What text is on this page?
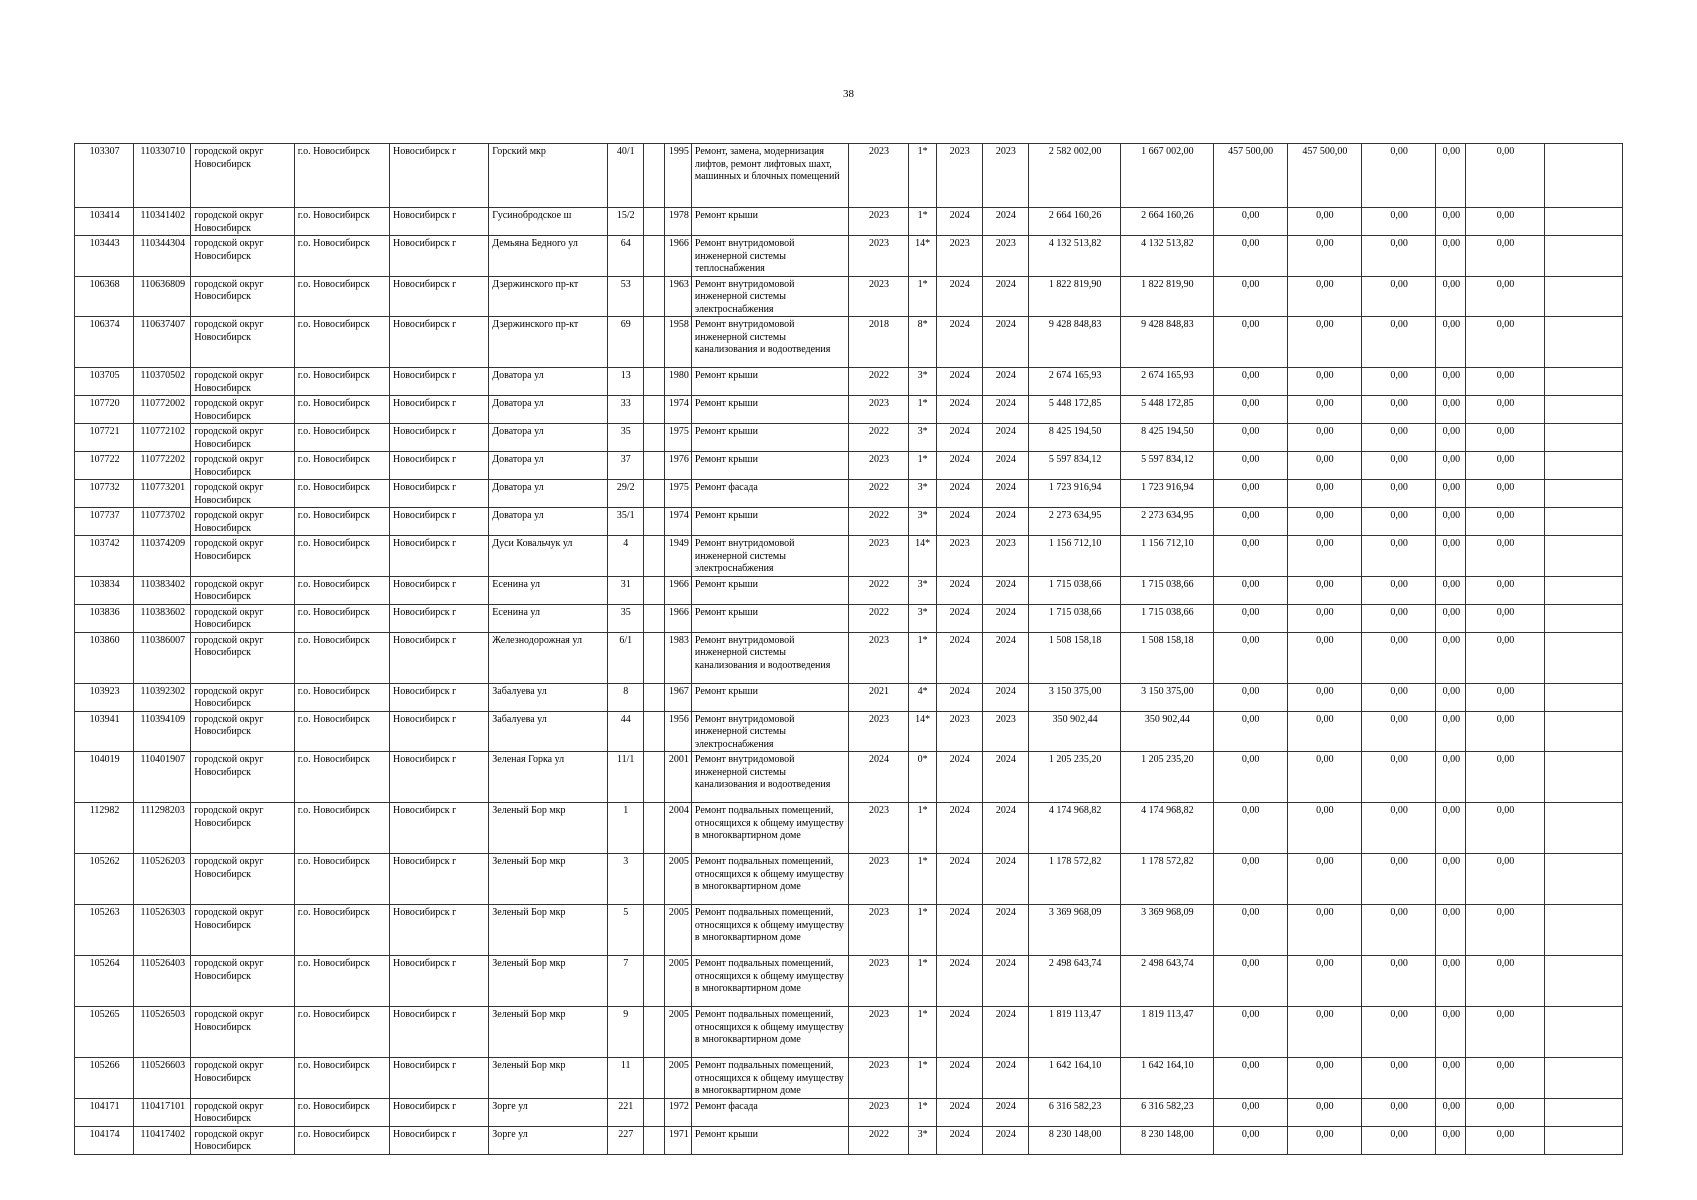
38
103307	110330710	городской округ Новосибирск	г.о. Новосибирск	Новосибирск г	Горский мкр	40/1		1995	Ремонт, замена, модернизация лифтов, ремонт лифтовых шахт, машинных и блочных помещений	2023	1*	2023	2023	2 582 002,00	1 667 002,00	457 500,00	457 500,00	0,00	0,00	0,00	
103414	110341402	городской округ Новосибирск	г.о. Новосибирск	Новосибирск г	Гусинобродское ш	15/2		1978	Ремонт крыши	2023	1*	2024	2024	2 664 160,26	2 664 160,26	0,00	0,00	0,00	0,00	0,00	
103443	110344304	городской округ Новосибирск	г.о. Новосибирск	Новосибирск г	Демьяна Бедного ул	64		1966	Ремонт внутридомовой инженерной системы теплоснабжения	2023	14*	2023	2023	4 132 513,82	4 132 513,82	0,00	0,00	0,00	0,00	0,00	
106368	110636809	городской округ Новосибирск	г.о. Новосибирск	Новосибирск г	Дзержинского пр-кт	53		1963	Ремонт внутридомовой инженерной системы электроснабжения	2023	1*	2024	2024	1 822 819,90	1 822 819,90	0,00	0,00	0,00	0,00	0,00	
106374	110637407	городской округ Новосибирск	г.о. Новосибирск	Новосибирск г	Дзержинского пр-кт	69		1958	Ремонт внутридомовой инженерной системы канализования и водоотведения	2018	8*	2024	2024	9 428 848,83	9 428 848,83	0,00	0,00	0,00	0,00	0,00	
103705	110370502	городской округ Новосибирск	г.о. Новосибирск	Новосибирск г	Доватора ул	13		1980	Ремонт крыши	2022	3*	2024	2024	2 674 165,93	2 674 165,93	0,00	0,00	0,00	0,00	0,00	
107720	110772002	городской округ Новосибирск	г.о. Новосибирск	Новосибирск г	Доватора ул	33		1974	Ремонт крыши	2023	1*	2024	2024	5 448 172,85	5 448 172,85	0,00	0,00	0,00	0,00	0,00	
107721	110772102	городской округ Новосибирск	г.о. Новосибирск	Новосибирск г	Доватора ул	35		1975	Ремонт крыши	2022	3*	2024	2024	8 425 194,50	8 425 194,50	0,00	0,00	0,00	0,00	0,00	
107722	110772202	городской округ Новосибирск	г.о. Новосибирск	Новосибирск г	Доватора ул	37		1976	Ремонт крыши	2023	1*	2024	2024	5 597 834,12	5 597 834,12	0,00	0,00	0,00	0,00	0,00	
107732	110773201	городской округ Новосибирск	г.о. Новосибирск	Новосибирск г	Доватора ул	29/2		1975	Ремонт фасада	2022	3*	2024	2024	1 723 916,94	1 723 916,94	0,00	0,00	0,00	0,00	0,00	
107737	110773702	городской округ Новосибирск	г.о. Новосибирск	Новосибирск г	Доватора ул	35/1		1974	Ремонт крыши	2022	3*	2024	2024	2 273 634,95	2 273 634,95	0,00	0,00	0,00	0,00	0,00	
103742	110374209	городской округ Новосибирск	г.о. Новосибирск	Новосибирск г	Дуси Ковальчук ул	4		1949	Ремонт внутридомовой инженерной системы электроснабжения	2023	14*	2023	2023	1 156 712,10	1 156 712,10	0,00	0,00	0,00	0,00	0,00	
103834	110383402	городской округ Новосибирск	г.о. Новосибирск	Новосибирск г	Есенина ул	31		1966	Ремонт крыши	2022	3*	2024	2024	1 715 038,66	1 715 038,66	0,00	0,00	0,00	0,00	0,00	
103836	110383602	городской округ Новосибирск	г.о. Новосибирск	Новосибирск г	Есенина ул	35		1966	Ремонт крыши	2022	3*	2024	2024	1 715 038,66	1 715 038,66	0,00	0,00	0,00	0,00	0,00	
103860	110386007	городской округ Новосибирск	г.о. Новосибирск	Новосибирск г	Железнодорожная ул	6/1		1983	Ремонт внутридомовой инженерной системы канализования и водоотведения	2023	1*	2024	2024	1 508 158,18	1 508 158,18	0,00	0,00	0,00	0,00	0,00	
103923	110392302	городской округ Новосибирск	г.о. Новосибирск	Новосибирск г	Забалуева ул	8		1967	Ремонт крыши	2021	4*	2024	2024	3 150 375,00	3 150 375,00	0,00	0,00	0,00	0,00	0,00	
103941	110394109	городской округ Новосибирск	г.о. Новосибирск	Новосибирск г	Забалуева ул	44		1956	Ремонт внутридомовой инженерной системы электроснабжения	2023	14*	2023	2023	350 902,44	350 902,44	0,00	0,00	0,00	0,00	0,00	
104019	110401907	городской округ Новосибирск	г.о. Новосибирск	Новосибирск г	Зеленая Горка ул	11/1		2001	Ремонт внутридомовой инженерной системы канализования и водоотведения	2024	0*	2024	2024	1 205 235,20	1 205 235,20	0,00	0,00	0,00	0,00	0,00	
112982	111298203	городской округ Новосибирск	г.о. Новосибирск	Новосибирск г	Зеленый Бор мкр	1		2004	Ремонт подвальных помещений, относящихся к общему имуществу в многоквартирном доме	2023	1*	2024	2024	4 174 968,82	4 174 968,82	0,00	0,00	0,00	0,00	0,00	
105262	110526203	городской округ Новосибирск	г.о. Новосибирск	Новосибирск г	Зеленый Бор мкр	3		2005	Ремонт подвальных помещений, относящихся к общему имуществу в многоквартирном доме	2023	1*	2024	2024	1 178 572,82	1 178 572,82	0,00	0,00	0,00	0,00	0,00	
105263	110526303	городской округ Новосибирск	г.о. Новосибирск	Новосибирск г	Зеленый Бор мкр	5		2005	Ремонт подвальных помещений, относящихся к общему имуществу в многоквартирном доме	2023	1*	2024	2024	3 369 968,09	3 369 968,09	0,00	0,00	0,00	0,00	0,00	
105264	110526403	городской округ Новосибирск	г.о. Новосибирск	Новосибирск г	Зеленый Бор мкр	7		2005	Ремонт подвальных помещений, относящихся к общему имуществу в многоквартирном доме	2023	1*	2024	2024	2 498 643,74	2 498 643,74	0,00	0,00	0,00	0,00	0,00	
105265	110526503	городской округ Новосибирск	г.о. Новосибирск	Новосибирск г	Зеленый Бор мкр	9		2005	Ремонт подвальных помещений, относящихся к общему имуществу в многоквартирном доме	2023	1*	2024	2024	1 819 113,47	1 819 113,47	0,00	0,00	0,00	0,00	0,00	
105266	110526603	городской округ Новосибирск	г.о. Новосибирск	Новосибирск г	Зеленый Бор мкр	11		2005	Ремонт подвальных помещений, относящихся к общему имуществу в многоквартирном доме	2023	1*	2024	2024	1 642 164,10	1 642 164,10	0,00	0,00	0,00	0,00	0,00	
104171	110417101	городской округ Новосибирск	г.о. Новосибирск	Новосибирск г	Зорге ул	221		1972	Ремонт фасада	2023	1*	2024	2024	6 316 582,23	6 316 582,23	0,00	0,00	0,00	0,00	0,00	
104174	110417402	городской округ Новосибирск	г.о. Новосибирск	Новосибирск г	Зорге ул	227		1971	Ремонт крыши	2022	3*	2024	2024	8 230 148,00	8 230 148,00	0,00	0,00	0,00	0,00	0,00	
